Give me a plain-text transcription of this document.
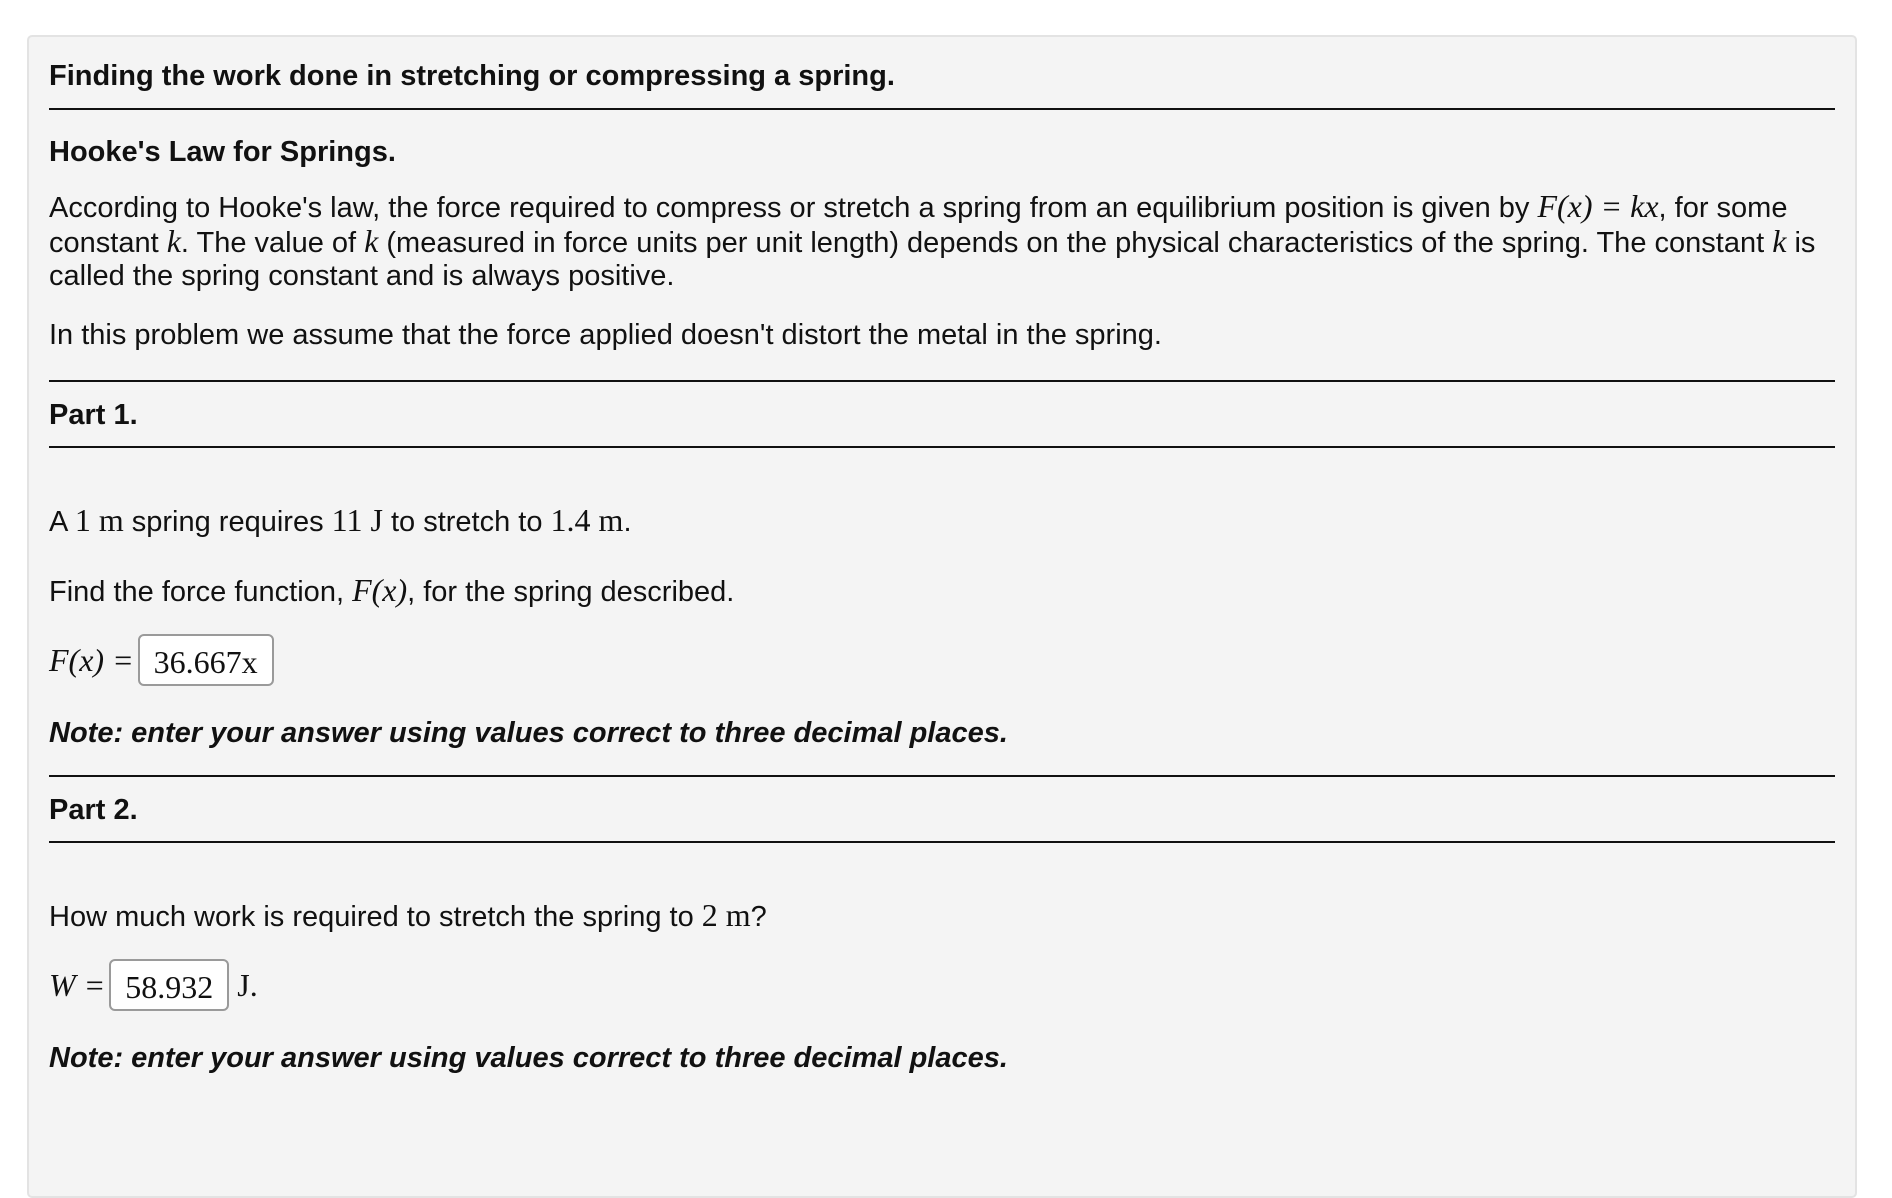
Finding the work done in stretching or compressing a spring.
Hooke's Law for Springs.

According to Hooke's law, the force required to compress or stretch a spring from an equilibrium position is given by F(x) = kx, for some constant k. The value of k (measured in force units per unit length) depends on the physical characteristics of the spring. The constant k is called the spring constant and is always positive.

In this problem we assume that the force applied doesn't distort the metal in the spring.

Part 1.

A 1 m spring requires 11 J to stretch to 1.4 m.

Find the force function, F(x), for the spring described.

F(x) = 36.667x

Note: enter your answer using values correct to three decimal places.

Part 2.

How much work is required to stretch the spring to 2 m?

W = 58.932 J.

Note: enter your answer using values correct to three decimal places.
